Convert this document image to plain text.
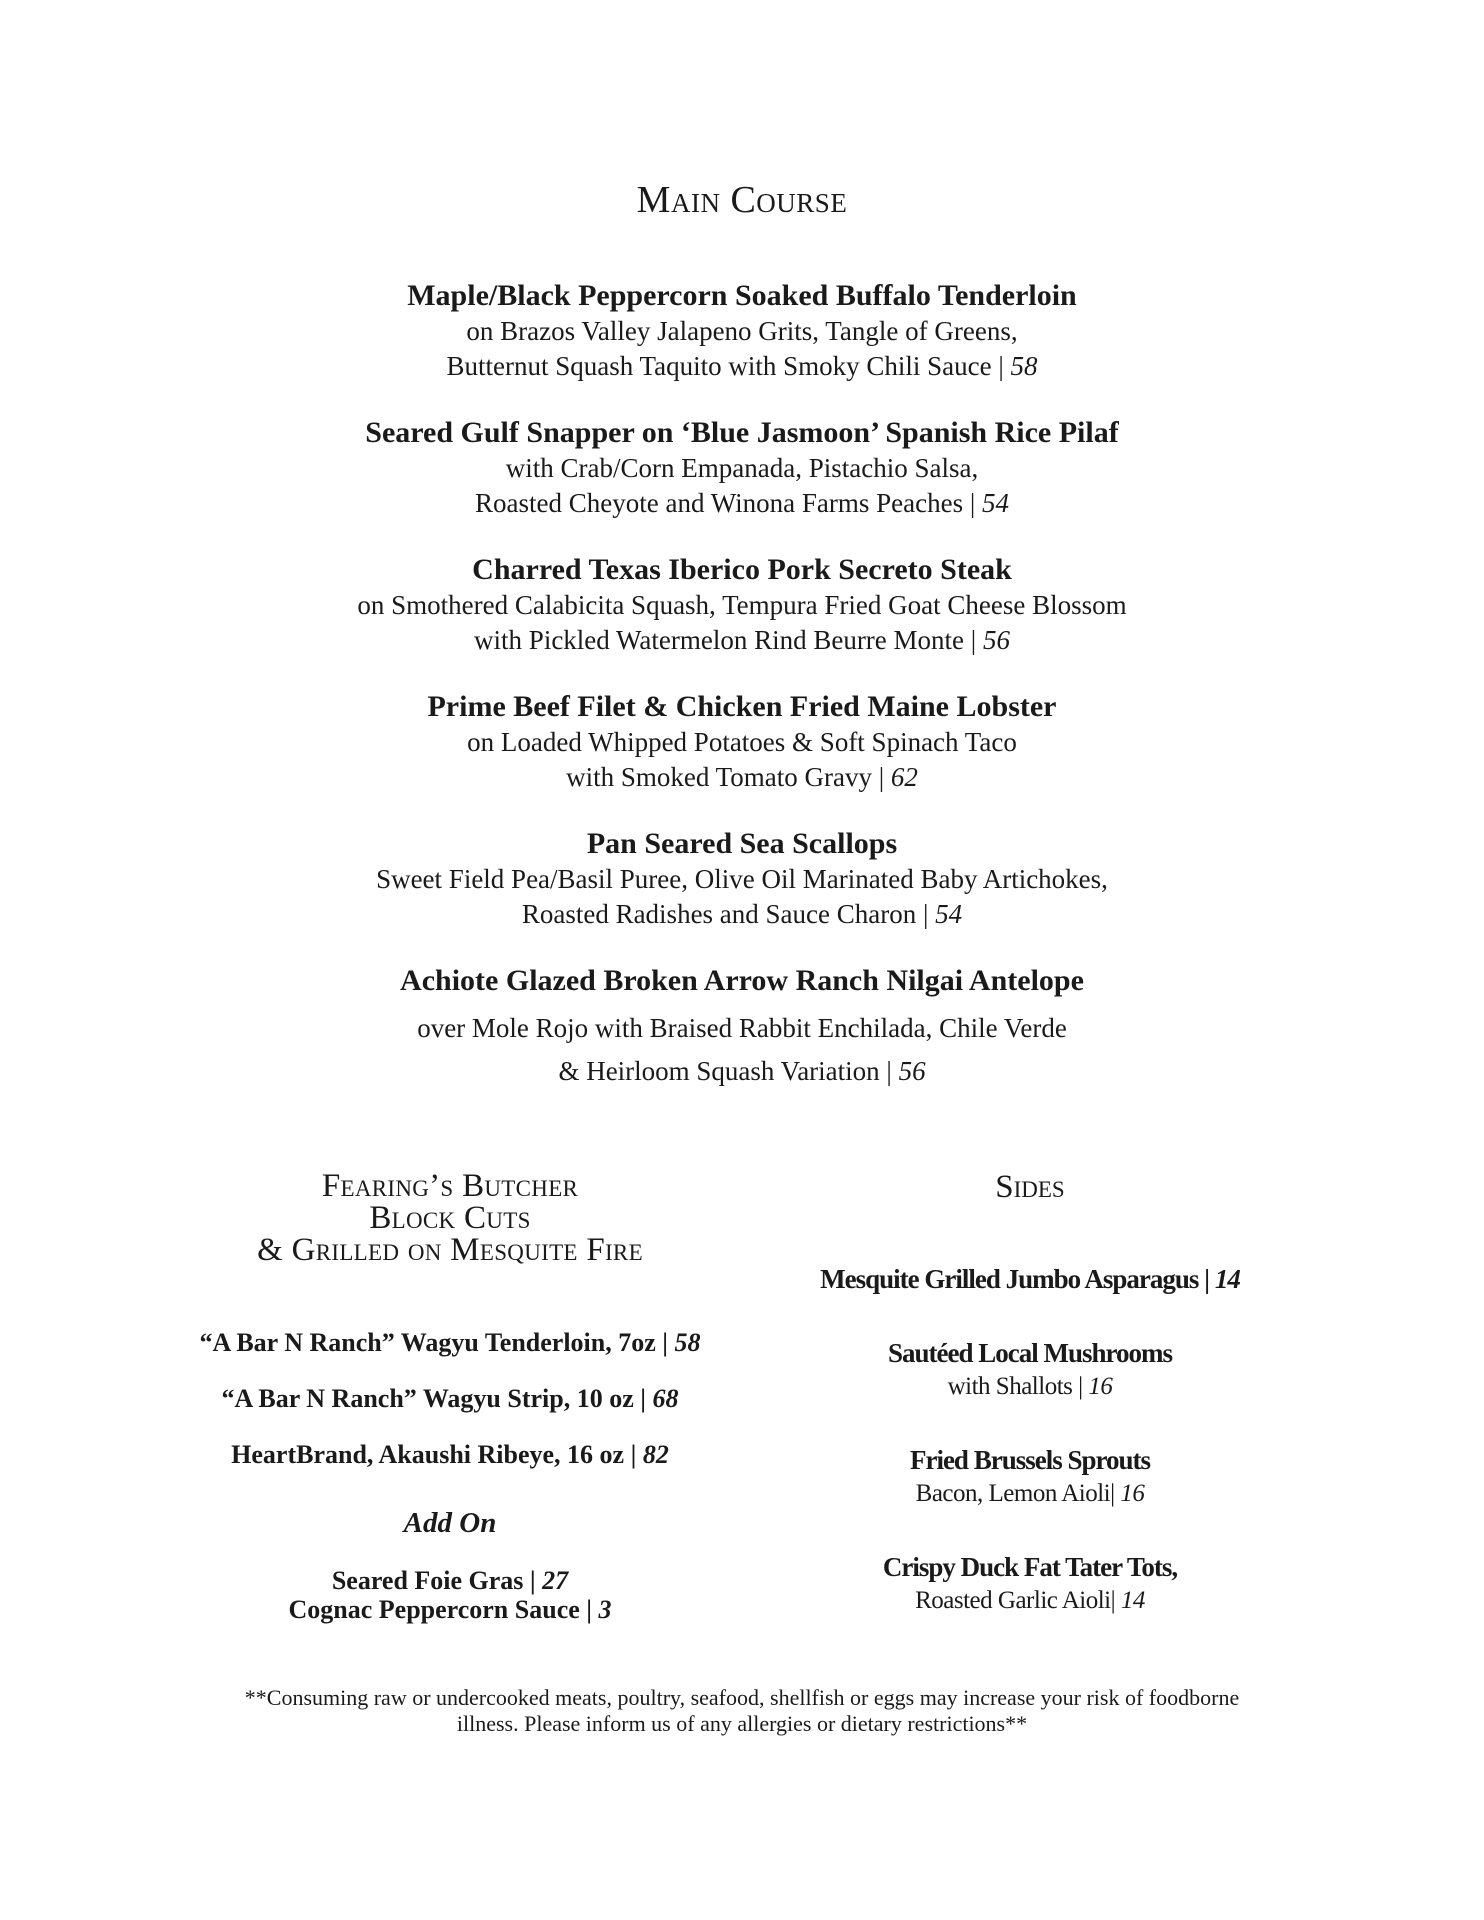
Main Course
Maple/Black Peppercorn Soaked Buffalo Tenderloin
on Brazos Valley Jalapeno Grits, Tangle of Greens,
Butternut Squash Taquito with Smoky Chili Sauce | 58
Seared Gulf Snapper on ‘Blue Jasmoon’ Spanish Rice Pilaf
with Crab/Corn Empanada, Pistachio Salsa,
Roasted Cheyote and Winona Farms Peaches | 54
Charred Texas Iberico Pork Secreto Steak
on Smothered Calabicita Squash, Tempura Fried Goat Cheese Blossom
with Pickled Watermelon Rind Beurre Monte | 56
Prime Beef Filet & Chicken Fried Maine Lobster
on Loaded Whipped Potatoes & Soft Spinach Taco
with Smoked Tomato Gravy | 62
Pan Seared Sea Scallops
Sweet Field Pea/Basil Puree, Olive Oil Marinated Baby Artichokes,
Roasted Radishes and Sauce Charon | 54
Achiote Glazed Broken Arrow Ranch Nilgai Antelope
over Mole Rojo with Braised Rabbit Enchilada, Chile Verde
& Heirloom Squash Variation | 56
Fearing’s Butcher
Block Cuts
& Grilled on Mesquite Fire
“A Bar N Ranch” Wagyu Tenderloin, 7oz | 58
“A Bar N Ranch” Wagyu Strip, 10 oz | 68
HeartBrand, Akaushi Ribeye, 16 oz | 82
Add On
Seared Foie Gras | 27
Cognac Peppercorn Sauce | 3
Sides
Mesquite Grilled Jumbo Asparagus | 14
Sautéed Local Mushrooms
with Shallots | 16
Fried Brussels Sprouts
Bacon, Lemon Aioli| 16
Crispy Duck Fat Tater Tots,
Roasted Garlic Aioli| 14
**Consuming raw or undercooked meats, poultry, seafood, shellfish or eggs may increase your risk of foodborne
illness. Please inform us of any allergies or dietary restrictions**
